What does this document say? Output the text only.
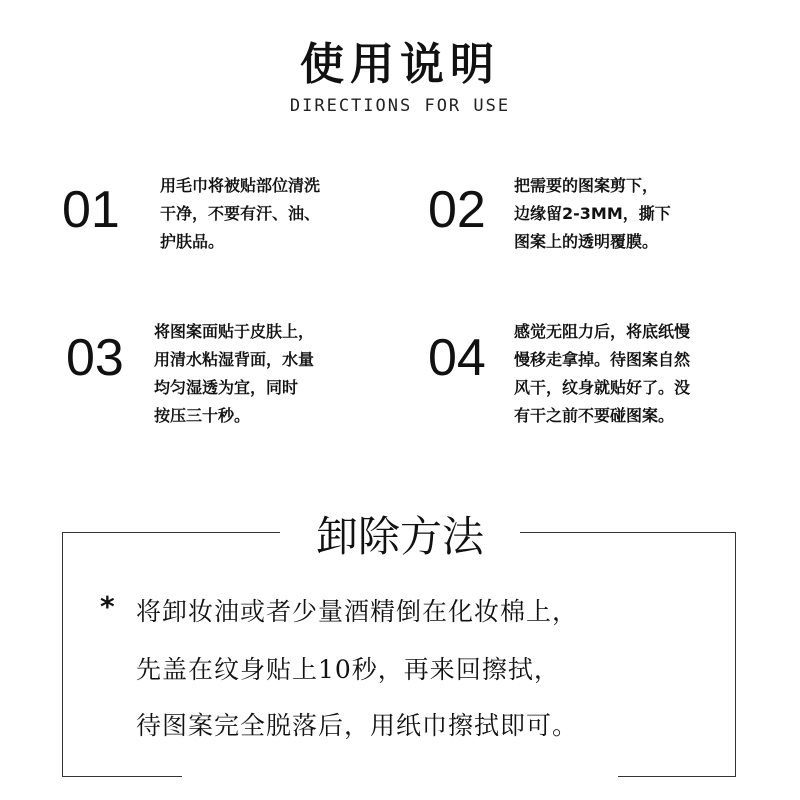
使用说明
DIRECTIONS FOR USE
01	用毛巾将被贴部位清洗
干净，不要有汗、油、
护肤品。
02 把需要的图案剪下，
边缘留2-3MM，撕下
图案上的透明覆膜。
03 将图案面贴于皮肤上，
用清水粘湿背面，水量
均匀湿透为宜，同时
按压三十秒。
04 感觉无阻力后，将底纸慢
慢移走拿掉。待图案自然
风干，纹身就贴好了。没
有干之前不要碰图案。
卸除方法
* 将卸妆油或者少量酒精倒在化妆棉上，
先盖在纹身贴上10秒，再来回擦拭，
待图案完全脱落后，用纸巾擦拭即可。
